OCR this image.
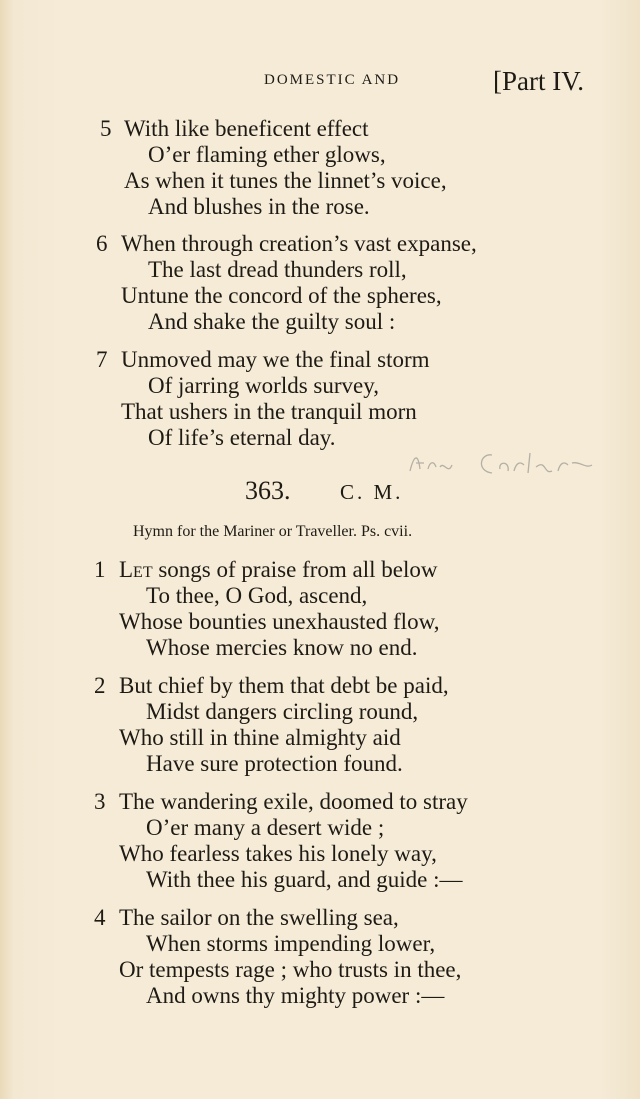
DOMESTIC AND	[Part IV.
5 With like beneficent effect
O’er flaming ether glows,
As when it tunes the linnet’s voice,
And blushes in the rose.
6 When through creation’s vast expanse,
The last dread thunders roll,
Untune the concord of the spheres,
And shake the guilty soul :
7 Unmoved may we the final storm
Of jarring worlds survey,
That ushers in the tranquil morn
Of life’s eternal day.
363. C. M.
Hymn for the Mariner or Traveller. Ps. cvii.
1 Let songs of praise from all below
To thee, O God, ascend,
Whose bounties unexhausted flow,
Whose mercies know no end.
2 But chief by them that debt be paid,
Midst dangers circling round,
Who still in thine almighty aid
Have sure protection found.
3 The wandering exile, doomed to stray
O’er many a desert wide ;
Who fearless takes his lonely way,
With thee his guard, and guide :—
4 The sailor on the swelling sea,
When storms impending lower,
Or tempests rage ; who trusts in thee,
And owns thy mighty power :—
